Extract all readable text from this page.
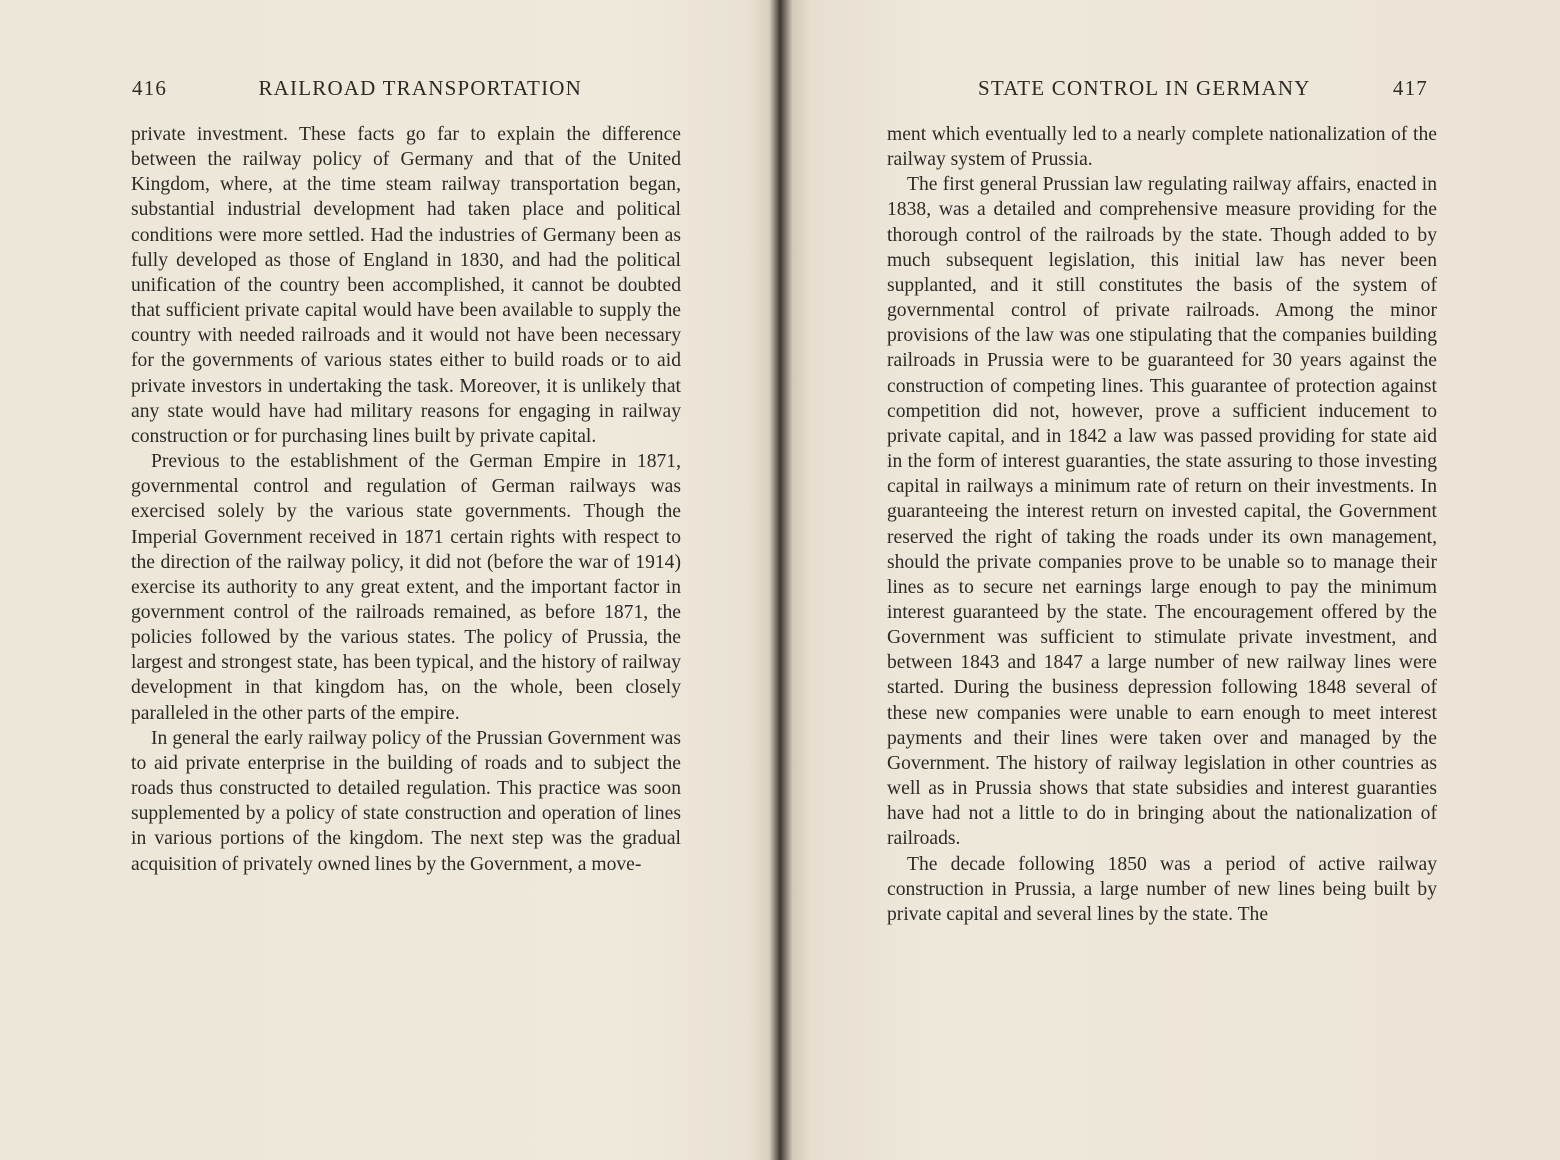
416	RAILROAD TRANSPORTATION

private investment. These facts go far to explain the difference between the railway policy of Germany and that of the United Kingdom, where, at the time steam railway transportation began, substantial industrial development had taken place and political conditions were more settled. Had the industries of Germany been as fully developed as those of England in 1830, and had the political unification of the country been accomplished, it cannot be doubted that sufficient private capital would have been available to supply the country with needed railroads and it would not have been necessary for the governments of various states either to build roads or to aid private investors in undertaking the task. Moreover, it is unlikely that any state would have had military reasons for engaging in railway construction or for purchasing lines built by private capital.

Previous to the establishment of the German Empire in 1871, governmental control and regulation of German railways was exercised solely by the various state governments. Though the Imperial Government received in 1871 certain rights with respect to the direction of the railway policy, it did not (before the war of 1914) exercise its authority to any great extent, and the important factor in government control of the railroads remained, as before 1871, the policies followed by the various states. The policy of Prussia, the largest and strongest state, has been typical, and the history of railway development in that kingdom has, on the whole, been closely paralleled in the other parts of the empire.

In general the early railway policy of the Prussian Government was to aid private enterprise in the building of roads and to subject the roads thus constructed to detailed regulation. This practice was soon supplemented by a policy of state construction and operation of lines in various portions of the kingdom. The next step was the gradual acquisition of privately owned lines by the Government, a move-

STATE CONTROL IN GERMANY	417

ment which eventually led to a nearly complete nationalization of the railway system of Prussia.

The first general Prussian law regulating railway affairs, enacted in 1838, was a detailed and comprehensive measure providing for the thorough control of the railroads by the state. Though added to by much subsequent legislation, this initial law has never been supplanted, and it still constitutes the basis of the system of governmental control of private railroads. Among the minor provisions of the law was one stipulating that the companies building railroads in Prussia were to be guaranteed for 30 years against the construction of competing lines. This guarantee of protection against competition did not, however, prove a sufficient inducement to private capital, and in 1842 a law was passed providing for state aid in the form of interest guaranties, the state assuring to those investing capital in railways a minimum rate of return on their investments. In guaranteeing the interest return on invested capital, the Government reserved the right of taking the roads under its own management, should the private companies prove to be unable so to manage their lines as to secure net earnings large enough to pay the minimum interest guaranteed by the state. The encouragement offered by the Government was sufficient to stimulate private investment, and between 1843 and 1847 a large number of new railway lines were started. During the business depression following 1848 several of these new companies were unable to earn enough to meet interest payments and their lines were taken over and managed by the Government. The history of railway legislation in other countries as well as in Prussia shows that state subsidies and interest guaranties have had not a little to do in bringing about the nationalization of railroads.

The decade following 1850 was a period of active railway construction in Prussia, a large number of new lines being built by private capital and several lines by the state. The
